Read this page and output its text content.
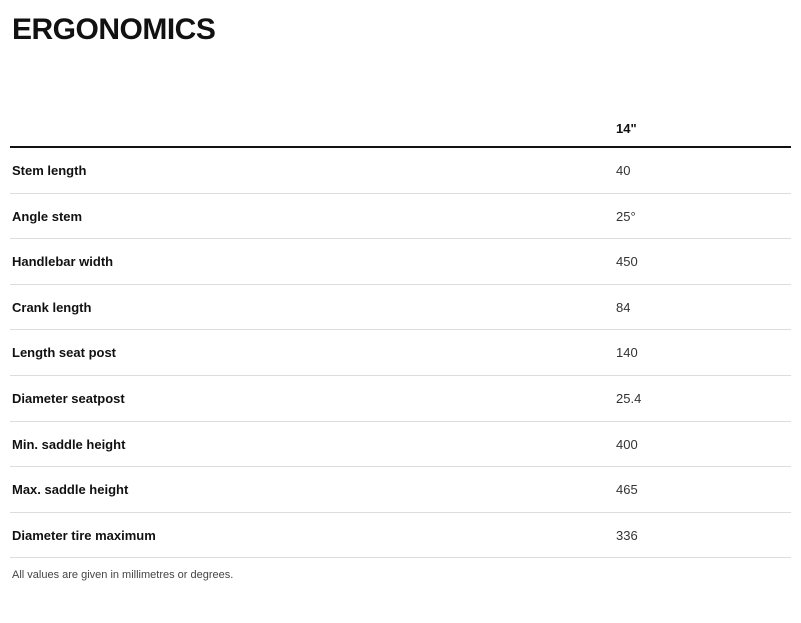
ERGONOMICS
	14"
Stem length	40
Angle stem	25°
Handlebar width	450
Crank length	84
Length seat post	140
Diameter seatpost	25.4
Min. saddle height	400
Max. saddle height	465
Diameter tire maximum	336
All values are given in millimetres or degrees.
